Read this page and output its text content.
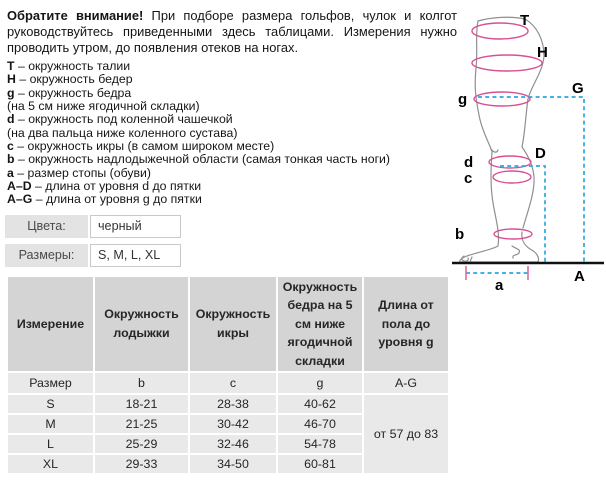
Обратите внимание! При подборе размера гольфов, чулок и колгот
руководствуйтесь приведенными здесь таблицами. Измерения нужно
проводить утром, до появления отеков на ногах.
T – окружность талии
H – окружность бедер
g – окружность бедра
(на 5 см ниже ягодичной складки)
d – окружность под коленной чашечкой
(на два пальца ниже коленного сустава)
c – окружность икры (в самом широком месте)
b – окружность надлодыжечной области (самая тонкая часть ноги)
a – размер стопы (обуви)
A–D – длина от уровня d до пятки
A–G – длина от уровня g до пятки
Цвета:	черный
Размеры:	S, M, L, XL
Измерение	Окружность лодыжки	Окружность икры	Окружность бедра на 5 см ниже ягодичной складки	Длина от пола до уровня g
Размер	b	c	g	A-G
S	18-21	28-38	40-62	от 57 до 83
M	21-25	30-42	46-70	
L	25-29	32-46	54-78	
XL	29-33	34-50	60-81	
T
H
G
g
d
D
c
b
a
A
